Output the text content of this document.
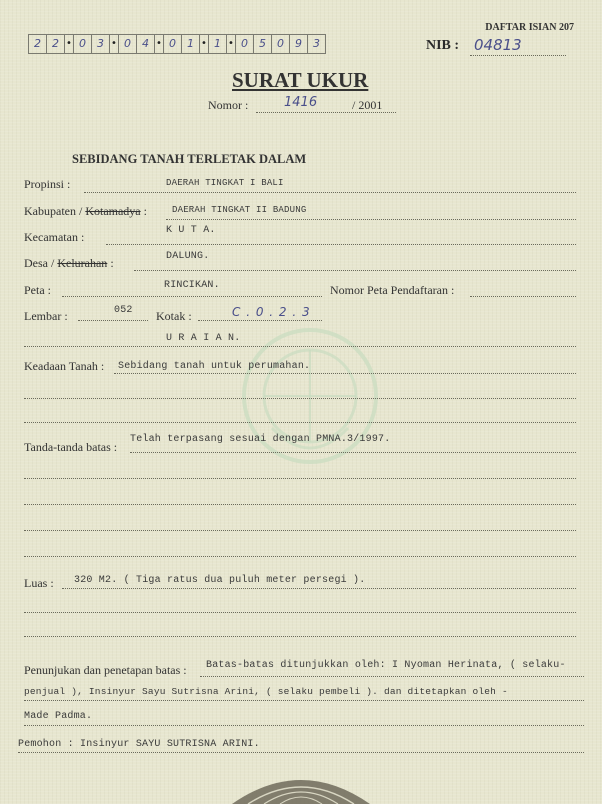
2	2 • 0	3 • 0	4 • 0	1 • 1 • 0	5	0	9	3
DAFTAR ISIAN 207
NIB : 04813
SURAT UKUR
Nomor :	1416	/ 2001
SEBIDANG TANAH TERLETAK DALAM
Propinsi :	DAERAH TINGKAT I BALI
Kabupaten / Kotamadya :	DAERAH TINGKAT II BADUNG
Kecamatan :	K U T A.
Desa / Kelurahan :	DALUNG.
Peta :	RINCIKAN.	Nomor Peta Pendaftaran :
Lembar :	052 Kotak :	C . 0 . 2 . 3
U R A I A N.
Keadaan Tanah : Sebidang tanah untuk perumahan.
Tanda-tanda batas :
Telah terpasang sesuai dengan PMNA.3/1997.
Luas : 320 M2. ( Tiga ratus dua puluh meter persegi ).
Penunjukan dan penetapan batas : Batas-batas ditunjukkan oleh: I Nyoman Herinata, ( selaku-
penjual ), Insinyur Sayu Sutrisna Arini, ( selaku pembeli ). dan ditetapkan oleh -
Made Padma.
Pemohon : Insinyur SAYU SUTRISNA ARINI.
